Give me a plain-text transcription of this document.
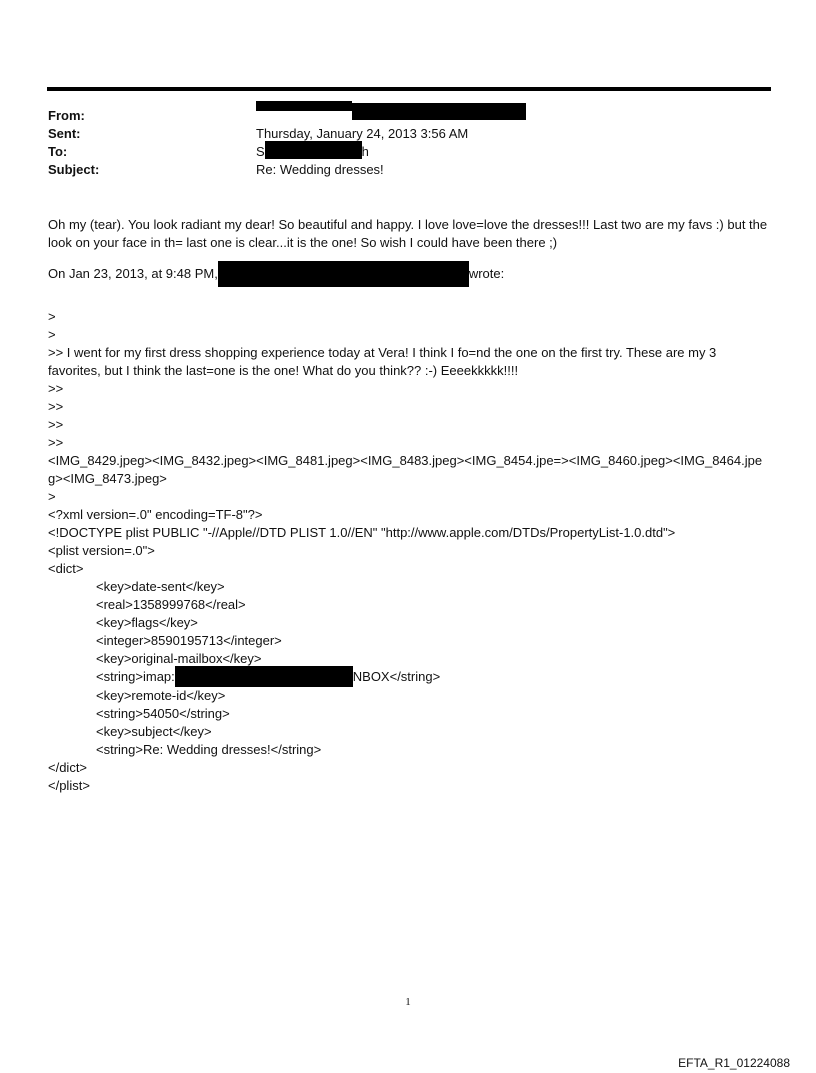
From:
Sent:	Thursday, January 24, 2013 3:56 AM
To:	S	h
Subject:	Re: Wedding dresses!

Oh my (tear). You look radiant my dear! So beautiful and happy. I love love=love the dresses!!! Last two are my favs :) but the look on your face in th= last one is clear...it is the one! So wish I could have been there ;)

On Jan 23, 2013, at 9:48 PM,	wrote:

>

>

>> I went for my first dress shopping experience today at Vera! I think I fo=nd the one on the first try. These are my 3 favorites, but I think the last=one is the one! What do you think?? :-) Eeeekkkkk!!!!

>>

>>

>>

>>

<IMG_8429.jpeg><IMG_8432.jpeg><IMG_8481.jpeg><IMG_8483.jpeg><IMG_8454.jpe=><IMG_8460.jpeg><IMG_8464.jpeg><IMG_8473.jpeg>

>

<?xml version=.0" encoding=TF-8"?>

<!DOCTYPE plist PUBLIC "-//Apple//DTD PLIST 1.0//EN" "http://www.apple.com/DTDs/PropertyList-1.0.dtd">

<plist version=.0">

<dict>

<key>date-sent</key>

<real>1358999768</real>

<key>flags</key>

<integer>8590195713</integer>

<key>original-mailbox</key>

<string>imap:	NBOX</string>

<key>remote-id</key>

<string>54050</string>

<key>subject</key>

<string>Re: Wedding dresses!</string>

</dict>

</plist>

1
EFTA_R1_01224088
